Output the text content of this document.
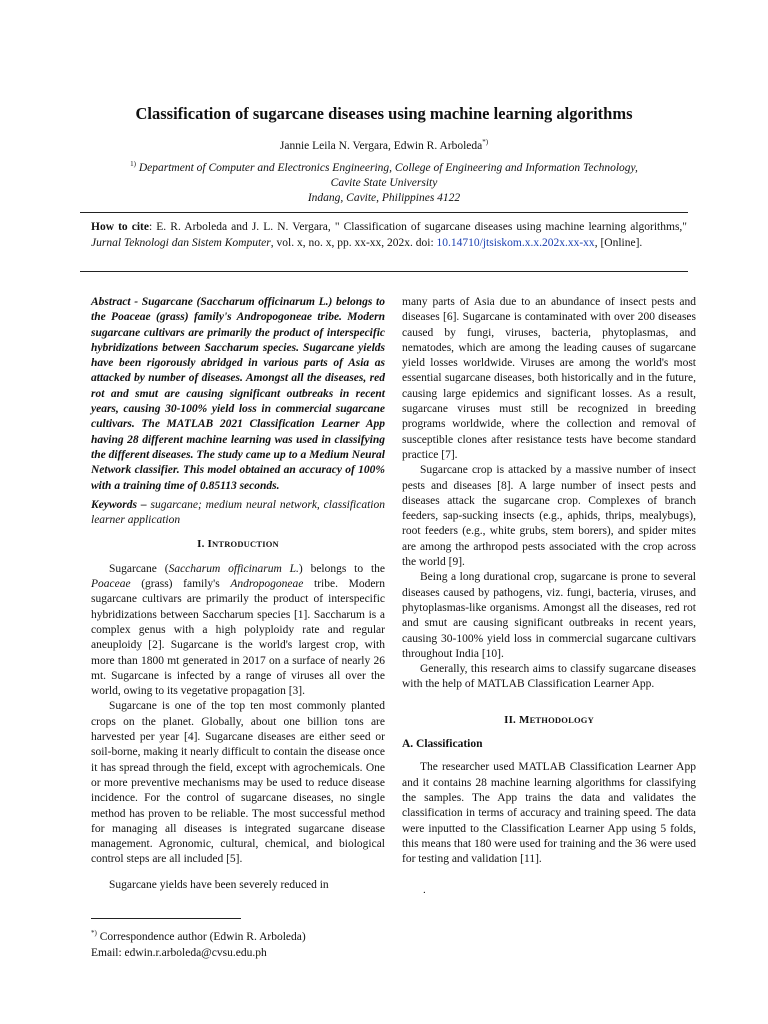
Classification of sugarcane diseases using machine learning algorithms
Jannie Leila N. Vergara, Edwin R. Arboleda*)
$^{1)}$ Department of Computer and Electronics Engineering, College of Engineering and Information Technology,
Cavite State University
Indang, Cavite, Philippines 4122
How to cite: E. R. Arboleda and J. L. N. Vergara, " Classification of sugarcane diseases using machine learning algorithms," Jurnal Teknologi dan Sistem Komputer, vol. x, no. x, pp. xx-xx, 202x. doi: 10.14710/jtsiskom.x.x.202x.xx-xx, [Online].

Abstract - Sugarcane (Saccharum officinarum L.) belongs to the Poaceae (grass) family's Andropogoneae tribe. Modern sugarcane cultivars are primarily the product of interspecific hybridizations between Saccharum species. Sugarcane yields have been rigorously abridged in various parts of Asia as attacked by number of diseases. Amongst all the diseases, red rot and smut are causing significant outbreaks in recent years, causing 30-100% yield loss in commercial sugarcane cultivars. The MATLAB 2021 Classification Learner App having 28 different machine learning was used in classifying the different diseases. The study came up to a Medium Neural Network classifier. This model obtained an accuracy of 100% with a training time of 0.85113 seconds.

Keywords – sugarcane; medium neural network, classification learner application

I. INTRODUCTION

Sugarcane (Saccharum officinarum L.) belongs to the Poaceae (grass) family's Andropogoneae tribe. Modern sugarcane cultivars are primarily the product of interspecific hybridizations between Saccharum species [1]. Saccharum is a complex genus with a high polyploidy rate and regular aneuploidy [2]. Sugarcane is the world's largest crop, with more than 1800 mt generated in 2017 on a surface of nearly 26 mt. Sugarcane is infected by a range of viruses all over the world, owing to its vegetative propagation [3].

Sugarcane is one of the top ten most commonly planted crops on the planet. Globally, about one billion tons are harvested per year [4]. Sugarcane diseases are either seed or soil-borne, making it nearly difficult to contain the disease once it has spread through the field, except with agrochemicals. One or more preventive mechanisms may be used to reduce disease incidence. For the control of sugarcane diseases, no single method has proven to be reliable. The most successful method for managing all diseases is integrated sugarcane disease management. Agronomic, cultural, chemical, and biological control steps are all included [5].

Sugarcane yields have been severely reduced in

many parts of Asia due to an abundance of insect pests and diseases [6]. Sugarcane is contaminated with over 200 diseases caused by fungi, viruses, bacteria, phytoplasmas, and nematodes, which are among the leading causes of sugarcane yield losses worldwide. Viruses are among the world's most essential sugarcane diseases, both historically and in the future, causing large epidemics and significant losses. As a result, sugarcane viruses must still be recognized in breeding programs worldwide, where the collection and removal of susceptible clones after resistance tests have become standard practice [7].

Sugarcane crop is attacked by a massive number of insect pests and diseases [8]. A large number of insect pests and diseases attack the sugarcane crop. Complexes of branch feeders, sap-sucking insects (e.g., aphids, thrips, mealybugs), root feeders (e.g., white grubs, stem borers), and spider mites are among the arthropod pests associated with the crop across the world [9].

Being a long durational crop, sugarcane is prone to several diseases caused by pathogens, viz. fungi, bacteria, viruses, and phytoplasmas-like organisms. Amongst all the diseases, red rot and smut are causing significant outbreaks in recent years, causing 30-100% yield loss in commercial sugarcane cultivars throughout India [10].

Generally, this research aims to classify sugarcane diseases with the help of MATLAB Classification Learner App.

II. METHODOLOGY

A. Classification

The researcher used MATLAB Classification Learner App and it contains 28 machine learning algorithms for classifying the samples. The App trains the data and validates the classification in terms of accuracy and training speed. The data were inputted to the Classification Learner App using 5 folds, this means that 180 were used for training and the 36 were used for testing and validation [11].

.
*) Correspondence author (Edwin R. Arboleda)
Email: edwin.r.arboleda@cvsu.edu.ph
